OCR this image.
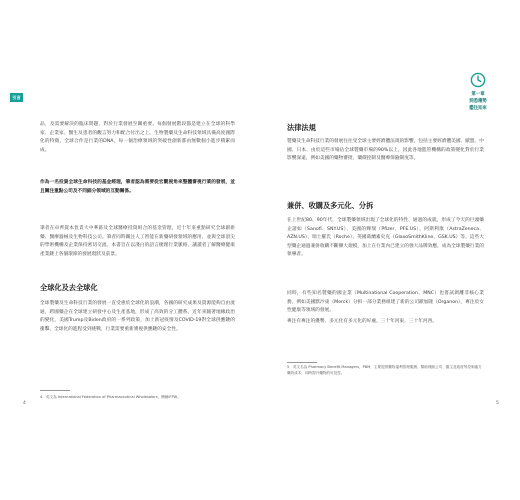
引言
品，及需要解決的臨床問題，對於行業發展至關重要。每個發展階段都是建立在全球的科學家、企業家、醫生及患者的觀言努力和配合付出之上。生物製藥及生命科技領域具備高度國際化的特徵，全球合作是行業的DNA，每一個治療領域的突破性創新都由無數個小進步積累而成。
作為一名投資全球生命科技的基金經理，筆者認為需要從宏觀視角來整體審視行業的發展，並且關注重點公司及不同細分領域的互動關係。
筆者在卓齊資本負責大中華區及全球醫療投資組合的基金管理，近十年來重點研究全球創新藥、醫療器械及生物科技公司。筆者同時關注人工智能在新藥研發領域的應用，並與全球頂尖的學術機構及企業保持密切交流。本書旨在以淺白的語言梳理行業脈絡，讓讀者了解醫療健康產業鏈上各個環節的發展現狀及前景。
全球化及去全球化
全球製藥及生命科技行業的發展一直受惠於全球化的浪潮，各國的研究成果及資源能夠自由流通，跨國藥企在全球建立研發中心及生產基地，形成了高效的分工體系。近年來隨著地緣政治的變化，美國Trump及Biden政府的一系列政策，加上新冠疫情及COVID-19對全球供應鏈的衝擊，全球化的進程受到挑戰，行業需要重新審視供應鏈的安全性。
4　英文為 International Federation of Pharmaceutical Wholesalers，簡稱IFPW。
4
第一章
洞悉趨勢
鑑往知來
法律法規
製藥及生命科技行業的發展往往受全球主要經濟體法規的影響，包括主要經濟體美國、歐盟、中國、日本、由於這些市場佔全球製藥市場的90%以上，因此各地監管機構的政策變化對於行業影響深遠，例如美國的藥物審批、藥價控制及醫療保險制度等。
兼併、收購及多元化、分拆
在上世紀80、90年代，全球製藥領域出現了全球化的特性、通過的成就，形成了今天的巨頭藥企諸如（Sanofi、SNY.US）、美國的輝瑞（Pfizer、PFE.US）、阿斯利康（AstraZeneca、AZN.US）、瑞士羅氏（Roche）、英國葛蘭素史克（GlaxoSmithKline、GSK.US）等。這些大型藥企通過兼併收購不斷擴大規模，加上在行業內已建立的強大品牌效應，成為全球製藥行業的領導者。
同時，有些知名製藥的國企業（Multinational Cooperation、MNC）也嘗試剝離非核心業務，例如美國默沙東（Merck）分拆一部分業務組建了新的公司歐加隆（Organon），專注於女性健康等領域的發展。
專注有專注的優勢，多元化有多元化的好處。三十年河東，三十年河西。
5　英文名為 Pharmacy Benefit Managers，PBM，主要提供藥物福利管理服務，幫助保險公司、僱主及政府等控制處方藥的成本，同時提升藥物的可及性。
5
